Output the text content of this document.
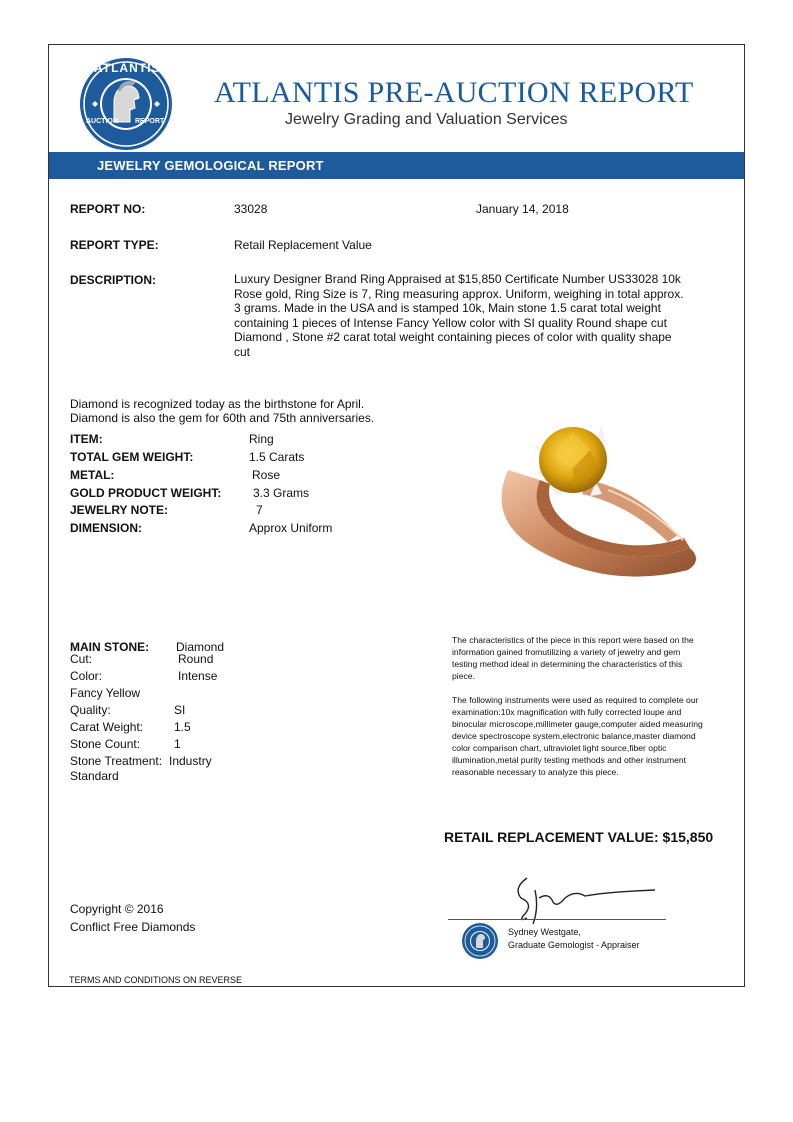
ATLANTIS
AUCTION REPORT
ATLANTIS PRE-AUCTION REPORT
Jewelry Grading and Valuation Services
JEWELRY GEMOLOGICAL REPORT
REPORT NO:	33028	January 14, 2018
REPORT TYPE:	Retail Replacement Value
DESCRIPTION:	Luxury Designer Brand Ring Appraised at $15,850 Certificate Number US33028 10k Rose gold, Ring Size is 7, Ring measuring approx. Uniform, weighing in total approx. 3 grams. Made in the USA and is stamped 10k, Main stone 1.5 carat total weight containing 1 pieces of Intense Fancy Yellow color with SI quality Round shape cut Diamond , Stone #2 carat total weight containing pieces of color with quality shape cut
Diamond is recognized today as the birthstone for April.
Diamond is also the gem for 60th and 75th anniversaries.
ITEM:	Ring
TOTAL GEM WEIGHT:	1.5 Carats
METAL:	Rose
GOLD PRODUCT WEIGHT:	3.3 Grams
JEWELRY NOTE:	7
DIMENSION:	Approx Uniform
MAIN STONE: Diamond
Cut:	Round
Color:	Intense
Fancy Yellow
Quality:	SI
Carat Weight:	1.5
Stone Count:	1
Stone Treatment: Industry
Standard
The characteristics of the piece in this report were based on the information gained fromutilizing a variety of jewelry and gem testing method ideal in determining the characteristics of this piece.
The following instruments were used as required to complete our examination:10x magnification with fully corrected loupe and binocular microscope,millimeter gauge,computer aided measuring device spectroscope system,electronic balance,master diamond color comparison chart, ultraviolet light source,fiber optic illumination,metal purity testing methods and other instrument reasonable necessary to analyze this piece.
RETAIL REPLACEMENT VALUE: $15,850
Copyright © 2016
Conflict Free Diamonds	Sydney Westgate,
Graduate Gemologist - Appraiser
TERMS AND CONDITIONS ON REVERSE
